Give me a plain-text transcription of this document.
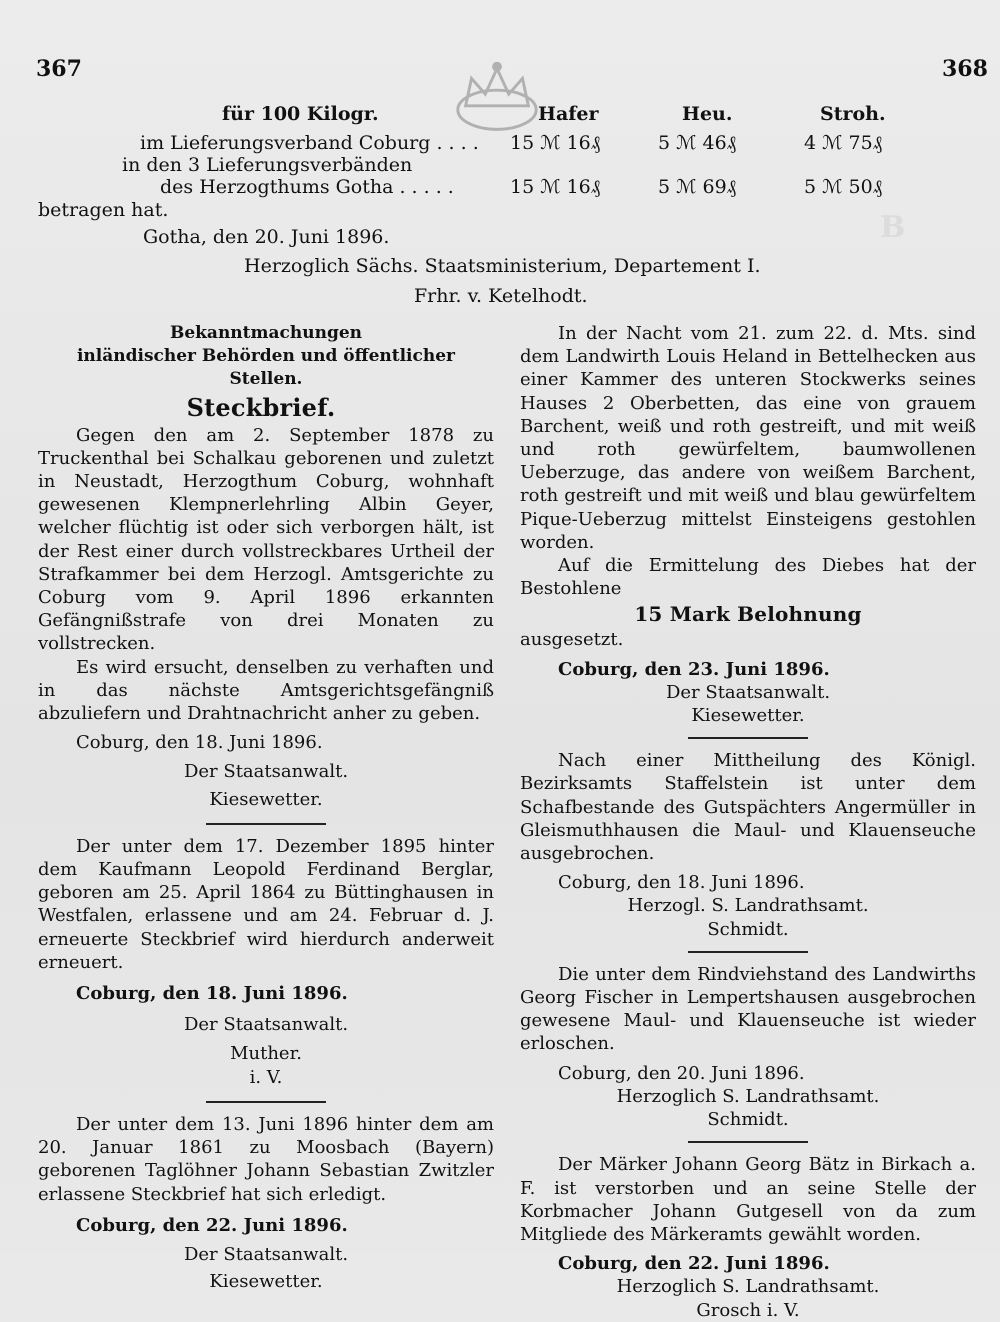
B
367	368
für 100 Kilogr.	Hafer	Heu.	Stroh.
im Lieferungsverband Coburg . . . . 15 ℳ 16₰	5 ℳ 46₰	4 ℳ 75₰
in den 3 Lieferungsverbänden
des Herzogthums Gotha . . . . .	15 ℳ 16₰	5 ℳ 69₰	5 ℳ 50₰
betragen hat.
Gotha, den 20. Juni 1896.
Herzoglich Sächs. Staatsministerium, Departement I.
Frhr. v. Ketelhodt.
Bekanntmachungen
inländischer Behörden und öffentlicher Stellen.
Steckbrief.

Gegen den am 2. September 1878 zu Truckenthal bei Schalkau geborenen und zuletzt in Neustadt, Herzogthum Coburg, wohnhaft gewesenen Klempnerlehrling Albin Geyer, welcher flüchtig ist oder sich verborgen hält, ist der Rest einer durch vollstreckbares Urtheil der Strafkammer bei dem Herzogl. Amtsgerichte zu Coburg vom 9. April 1896 erkannten Gefängnißstrafe von drei Monaten zu vollstrecken.

Es wird ersucht, denselben zu verhaften und in das nächste Amtsgerichtsgefängniß abzuliefern und Drahtnachricht anher zu geben.

Coburg, den 18. Juni 1896.

Der Staatsanwalt.
Kiesewetter.

Der unter dem 17. Dezember 1895 hinter dem Kaufmann Leopold Ferdinand Berglar, geboren am 25. April 1864 zu Büttinghausen in Westfalen, erlassene und am 24. Februar d. J. erneuerte Steckbrief wird hierdurch anderweit erneuert.

Coburg, den 18. Juni 1896.

Der Staatsanwalt.
Muther.
i. V.

Der unter dem 13. Juni 1896 hinter dem am 20. Januar 1861 zu Moosbach (Bayern) geborenen Taglöhner Johann Sebastian Zwitzler erlassene Steckbrief hat sich erledigt.

Coburg, den 22. Juni 1896.

Der Staatsanwalt.
Kiesewetter.

In der Nacht vom 21. zum 22. d. Mts. sind dem Landwirth Louis Heland in Bettelhecken aus einer Kammer des unteren Stockwerks seines Hauses 2 Oberbetten, das eine von grauem Barchent, weiß und roth gestreift, und mit weiß und roth gewürfeltem, baumwollenen Ueberzuge, das andere von weißem Barchent, roth gestreift und mit weiß und blau gewürfeltem Pique-Ueberzug mittelst Einsteigens gestohlen worden.

Auf die Ermittelung des Diebes hat der Bestohlene

15 Mark Belohnung

ausgesetzt.

Coburg, den 23. Juni 1896.

Der Staatsanwalt.
Kiesewetter.

Nach einer Mittheilung des Königl. Bezirksamts Staffelstein ist unter dem Schafbestande des Gutspächters Angermüller in Gleismuthhausen die Maul- und Klauenseuche ausgebrochen.

Coburg, den 18. Juni 1896.

Herzogl. S. Landrathsamt.
Schmidt.

Die unter dem Rindviehstand des Landwirths Georg Fischer in Lempertshausen ausgebrochen gewesene Maul- und Klauenseuche ist wieder erloschen.

Coburg, den 20. Juni 1896.

Herzoglich S. Landrathsamt.
Schmidt.

Der Märker Johann Georg Bätz in Birkach a. F. ist verstorben und an seine Stelle der Korbmacher Johann Gutgesell von da zum Mitgliede des Märkeramts gewählt worden.

Coburg, den 22. Juni 1896.

Herzoglich S. Landrathsamt.
Grosch i. V.
